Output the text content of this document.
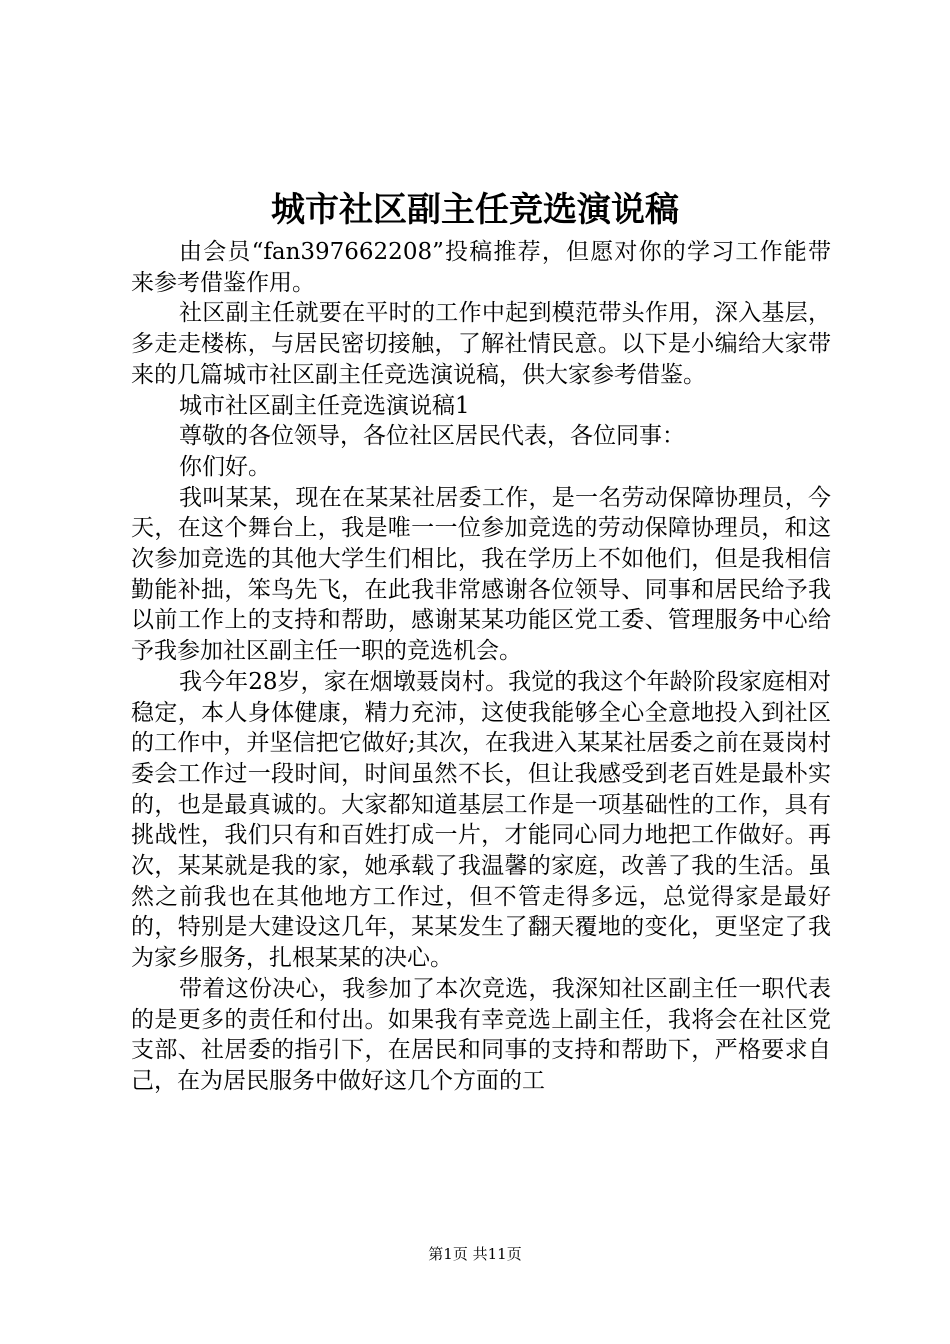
城市社区副主任竞选演说稿

由会员“fan397662208”投稿推荐，但愿对你的学习工作能带来参考借鉴作用。

社区副主任就要在平时的工作中起到模范带头作用，深入基层，多走走楼栋，与居民密切接触，了解社情民意。以下是小编给大家带来的几篇城市社区副主任竞选演说稿，供大家参考借鉴。

城市社区副主任竞选演说稿1

尊敬的各位领导，各位社区居民代表，各位同事：

你们好。

我叫某某，现在在某某社居委工作，是一名劳动保障协理员，今天，在这个舞台上，我是唯一一位参加竞选的劳动保障协理员，和这次参加竞选的其他大学生们相比，我在学历上不如他们，但是我相信勤能补拙，笨鸟先飞，在此我非常感谢各位领导、同事和居民给予我以前工作上的支持和帮助，感谢某某功能区党工委、管理服务中心给予我参加社区副主任一职的竞选机会。

我今年28岁，家在烟墩聂岗村。我觉的我这个年龄阶段家庭相对稳定，本人身体健康，精力充沛，这使我能够全心全意地投入到社区的工作中，并坚信把它做好;其次，在我进入某某社居委之前在聂岗村委会工作过一段时间，时间虽然不长，但让我感受到老百姓是最朴实的，也是最真诚的。大家都知道基层工作是一项基础性的工作，具有挑战性，我们只有和百姓打成一片，才能同心同力地把工作做好。再次，某某就是我的家，她承载了我温馨的家庭，改善了我的生活。虽然之前我也在其他地方工作过，但不管走得多远，总觉得家是最好的，特别是大建设这几年，某某发生了翻天覆地的变化，更坚定了我为家乡服务，扎根某某的决心。

带着这份决心，我参加了本次竞选，我深知社区副主任一职代表的是更多的责任和付出。如果我有幸竞选上副主任，我将会在社区党支部、社居委的指引下，在居民和同事的支持和帮助下，严格要求自己，在为居民服务中做好这几个方面的工

第1页 共11页
